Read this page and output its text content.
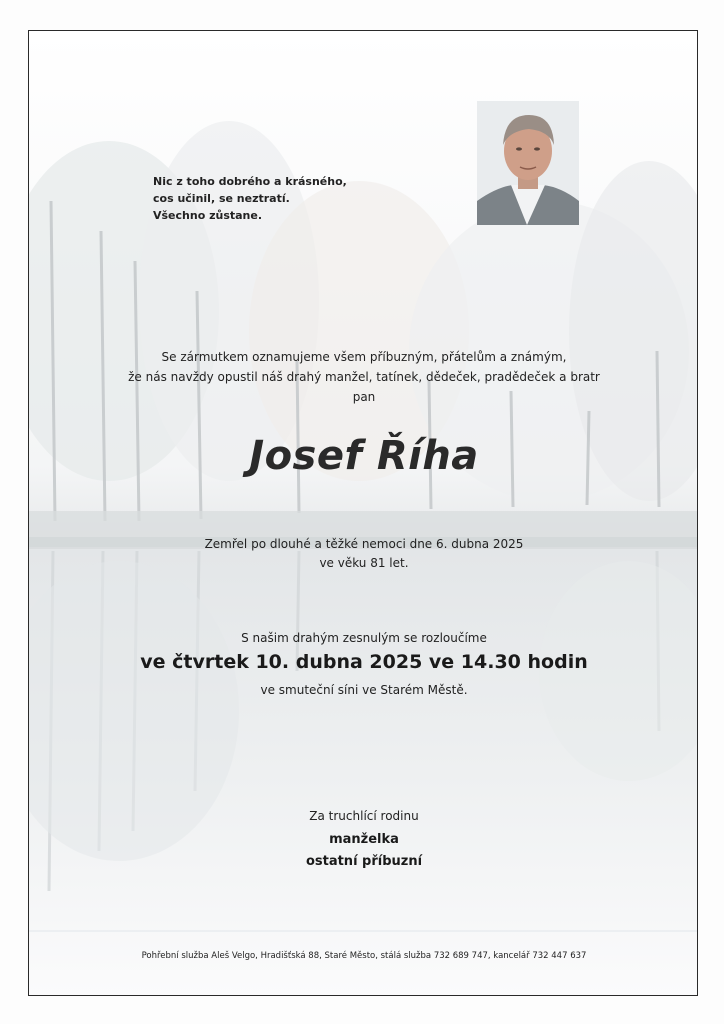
Nic z toho dobrého a krásného,
cos učinil, se neztratí.
Všechno zůstane.
Se zármutkem oznamujeme všem příbuzným, přátelům a známým,
že nás navždy opustil náš drahý manžel, tatínek, dědeček, pradědeček a bratr
pan
Josef Říha
Zemřel po dlouhé a těžké nemoci dne 6. dubna 2025
ve věku 81 let.
S našim drahým zesnulým se rozloučíme
ve čtvrtek 10. dubna 2025 ve 14.30 hodin
ve smuteční síni ve Starém Městě.
Za truchlící rodinu
manželka
ostatní příbuzní
Pohřební služba Aleš Velgo, Hradišťská 88, Staré Město, stálá služba 732 689 747, kancelář 732 447 637
